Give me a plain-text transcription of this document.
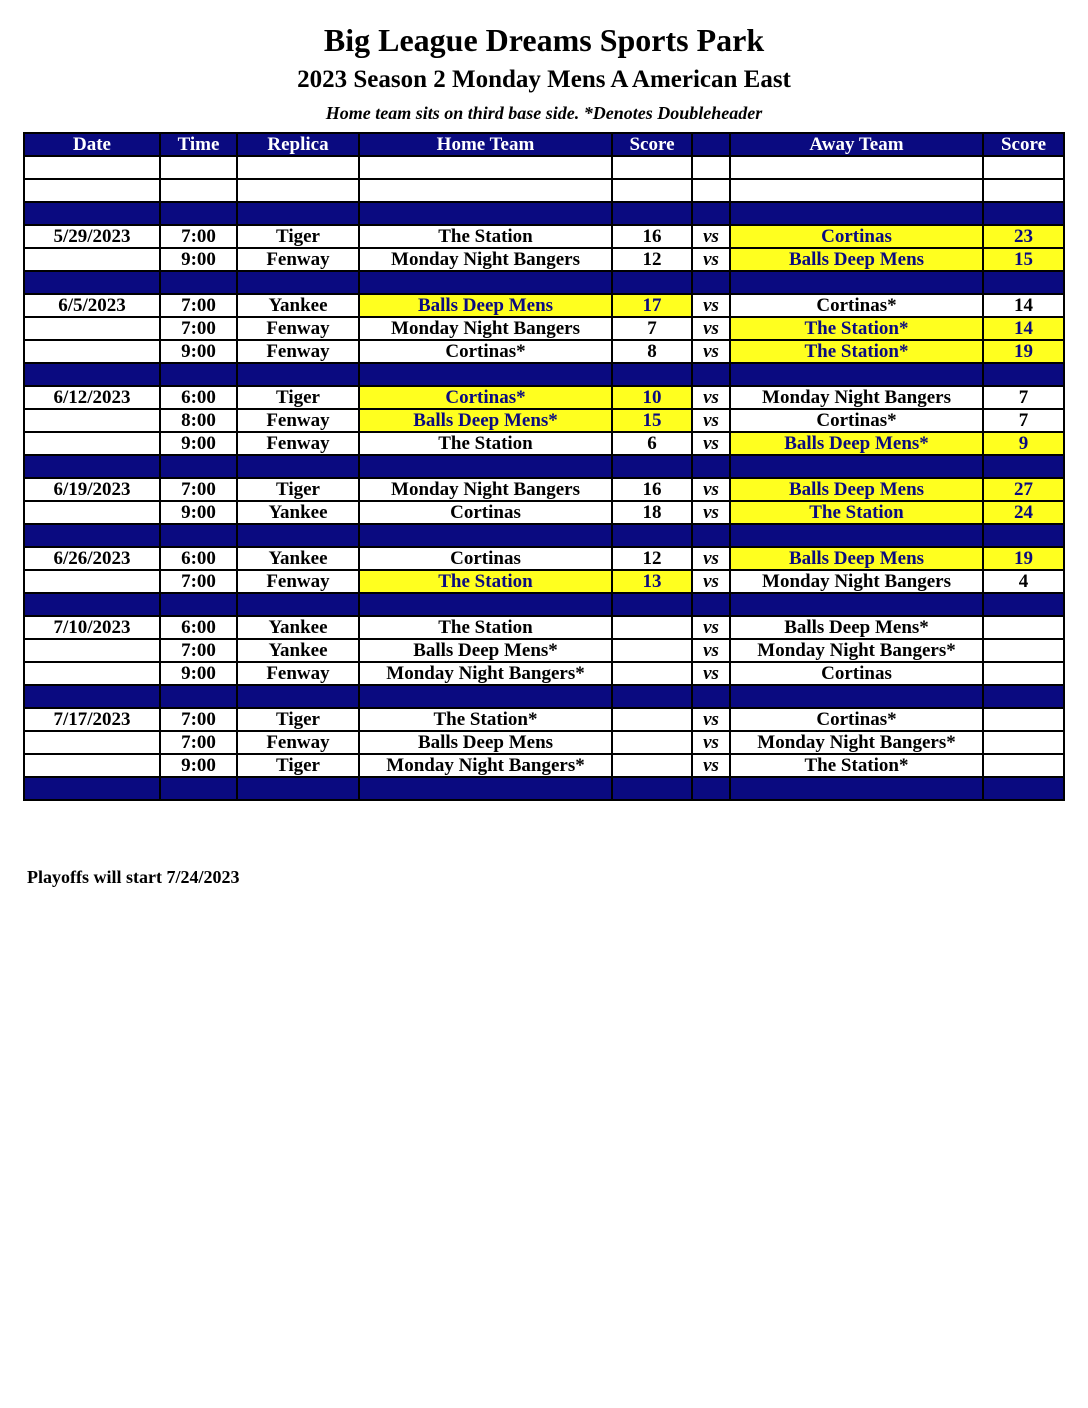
Big League Dreams Sports Park
2023 Season 2 Monday Mens A American East
Home team sits on third base side. *Denotes Doubleheader
Date	Time	Replica	Home Team	Score		Away Team	Score

5/29/2023	7:00	Tiger	The Station	16	vs	Cortinas	23
	9:00	Fenway	Monday Night Bangers	12	vs	Balls Deep Mens	15

6/5/2023	7:00	Yankee	Balls Deep Mens	17	vs	Cortinas*	14
	7:00	Fenway	Monday Night Bangers	7	vs	The Station*	14
	9:00	Fenway	Cortinas*	8	vs	The Station*	19

6/12/2023	6:00	Tiger	Cortinas*	10	vs	Monday Night Bangers	7
	8:00	Fenway	Balls Deep Mens*	15	vs	Cortinas*	7
	9:00	Fenway	The Station	6	vs	Balls Deep Mens*	9

6/19/2023	7:00	Tiger	Monday Night Bangers	16	vs	Balls Deep Mens	27
	9:00	Yankee	Cortinas	18	vs	The Station	24

6/26/2023	6:00	Yankee	Cortinas	12	vs	Balls Deep Mens	19
	7:00	Fenway	The Station	13	vs	Monday Night Bangers	4

7/10/2023	6:00	Yankee	The Station		vs	Balls Deep Mens*	
	7:00	Yankee	Balls Deep Mens*		vs	Monday Night Bangers*	
	9:00	Fenway	Monday Night Bangers*		vs	Cortinas	

7/17/2023	7:00	Tiger	The Station*		vs	Cortinas*	
	7:00	Fenway	Balls Deep Mens		vs	Monday Night Bangers*	
	9:00	Tiger	Monday Night Bangers*		vs	The Station*	

Playoffs will start 7/24/2023
